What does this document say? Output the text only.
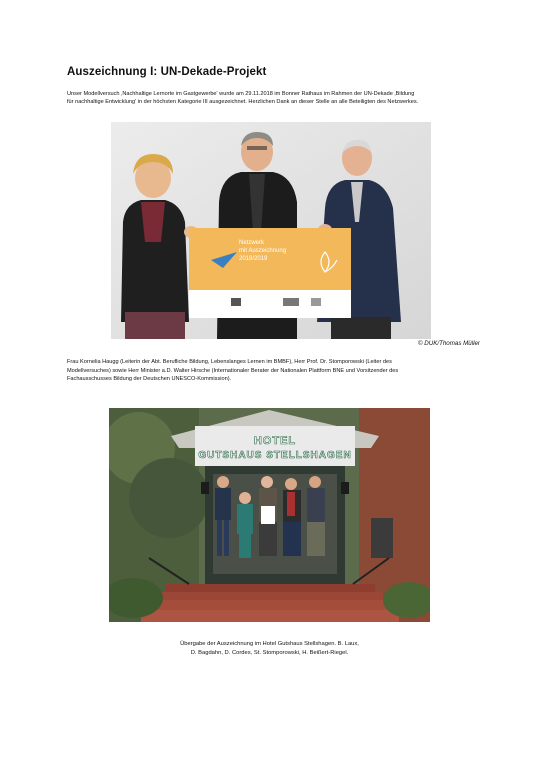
Auszeichnung I: UN-Dekade-Projekt
Unser Modellversuch ‚Nachhaltige Lernorte im Gastgewerbe' wurde am 29.11.2018 im Bonner Rathaus im Rahmen der UN-Dekade ‚Bildung
für nachhaltige Entwicklung' in der höchsten Kategorie III ausgezeichnet. Herzlichen Dank an dieser Stelle an alle Beteiligten des Netzwerkes.
Netzwerk
mit Auszeichnung
2018/2019
© DUK/Thomas Müller
Frau Kornelia Haugg (Leiterin der Abt. Berufliche Bildung, Lebenslanges Lernen im BMBF), Herr Prof. Dr. Stomporowski (Leiter des
Modellversuches) sowie Herr Minister a.D. Walter Hirsche (Internationaler Berater der Nationalen Plattform BNE und Vorsitzender des
Fachausschusses Bildung der Deutschen UNESCO-Kommission).
HOTEL
GUTSHAUS STELLSHAGEN
Übergabe der Auszeichnung im Hotel Gutshaus Stellshagen. B. Laux,
D. Bagdahn, D. Cordes, St. Stomporowski, H. Beißert-Riegel.
